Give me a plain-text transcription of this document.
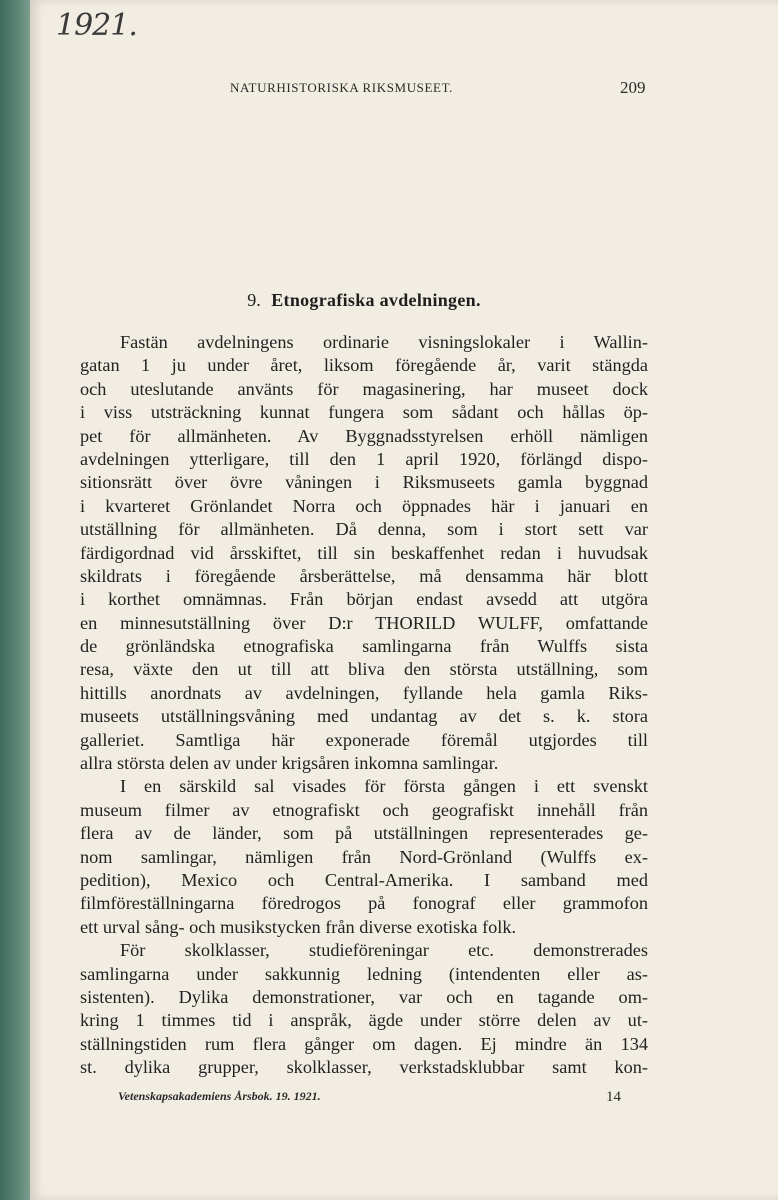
1921.
NATURHISTORISKA RIKSMUSEET.	209
9. Etnografiska avdelningen.
Fastän avdelningens ordinarie visningslokaler i Wallin-
gatan 1 ju under året, liksom föregående år, varit stängda
och uteslutande använts för magasinering, har museet dock
i viss utsträckning kunnat fungera som sådant och hållas öp-
pet för allmänheten. Av Byggnadsstyrelsen erhöll nämligen
avdelningen ytterligare, till den 1 april 1920, förlängd dispo-
sitionsrätt över övre våningen i Riksmuseets gamla byggnad
i kvarteret Grönlandet Norra och öppnades här i januari en
utställning för allmänheten. Då denna, som i stort sett var
färdigordnad vid årsskiftet, till sin beskaffenhet redan i huvudsak
skildrats i föregående årsberättelse, må densamma här blott
i korthet omnämnas. Från början endast avsedd att utgöra
en minnesutställning över D:r THORILD WULFF, omfattande
de grönländska etnografiska samlingarna från Wulffs sista
resa, växte den ut till att bliva den största utställning, som
hittills anordnats av avdelningen, fyllande hela gamla Riks-
museets utställningsvåning med undantag av det s. k. stora
galleriet. Samtliga här exponerade föremål utgjordes till
allra största delen av under krigsåren inkomna samlingar.
I en särskild sal visades för första gången i ett svenskt
museum filmer av etnografiskt och geografiskt innehåll från
flera av de länder, som på utställningen representerades ge-
nom samlingar, nämligen från Nord-Grönland (Wulffs ex-
pedition), Mexico och Central-Amerika. I samband med
filmföreställningarna föredrogos på fonograf eller grammofon
ett urval sång- och musikstycken från diverse exotiska folk.
För skolklasser, studieföreningar etc. demonstrerades
samlingarna under sakkunnig ledning (intendenten eller as-
sistenten). Dylika demonstrationer, var och en tagande om-
kring 1 timmes tid i anspråk, ägde under större delen av ut-
ställningstiden rum flera gånger om dagen. Ej mindre än 134
st. dylika grupper, skolklasser, verkstadsklubbar samt kon-
Vetenskapsakademiens Årsbok. 19. 1921.	14
